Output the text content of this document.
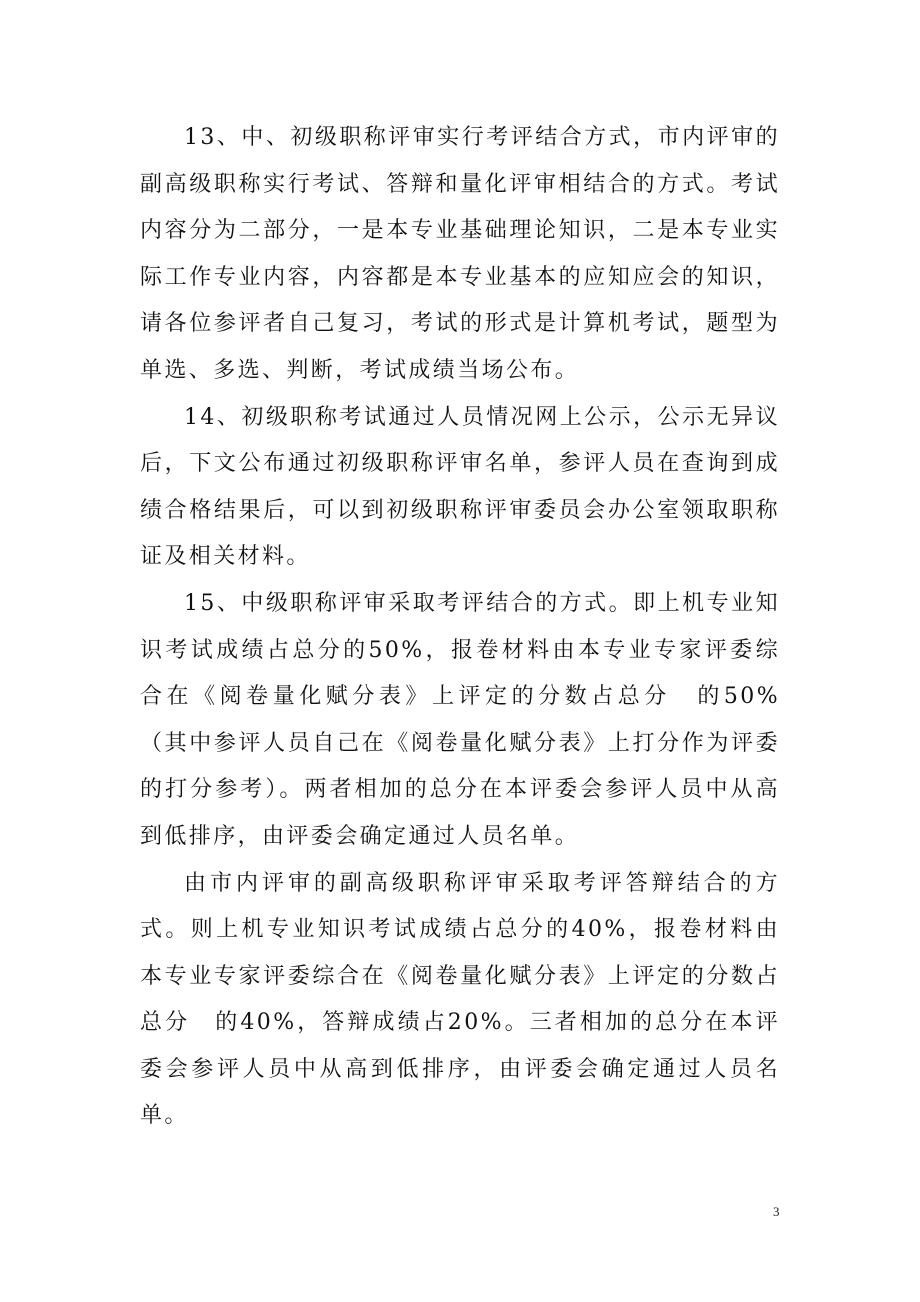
13、中、初级职称评审实行考评结合方式，市内评审的副高级职称实行考试、答辩和量化评审相结合的方式。考试内容分为二部分，一是本专业基础理论知识，二是本专业实际工作专业内容，内容都是本专业基本的应知应会的知识，请各位参评者自己复习，考试的形式是计算机考试，题型为单选、多选、判断，考试成绩当场公布。

14、初级职称考试通过人员情况网上公示，公示无异议后，下文公布通过初级职称评审名单，参评人员在查询到成绩合格结果后，可以到初级职称评审委员会办公室领取职称证及相关材料。

15、中级职称评审采取考评结合的方式。即上机专业知识考试成绩占总分的50%，报卷材料由本专业专家评委综合在《阅卷量化赋分表》上评定的分数占总分　的50%（其中参评人员自己在《阅卷量化赋分表》上打分作为评委的打分参考）。两者相加的总分在本评委会参评人员中从高到低排序，由评委会确定通过人员名单。

由市内评审的副高级职称评审采取考评答辩结合的方式。则上机专业知识考试成绩占总分的40%，报卷材料由本专业专家评委综合在《阅卷量化赋分表》上评定的分数占总分　的40%，答辩成绩占20%。三者相加的总分在本评委会参评人员中从高到低排序，由评委会确定通过人员名单。

3
